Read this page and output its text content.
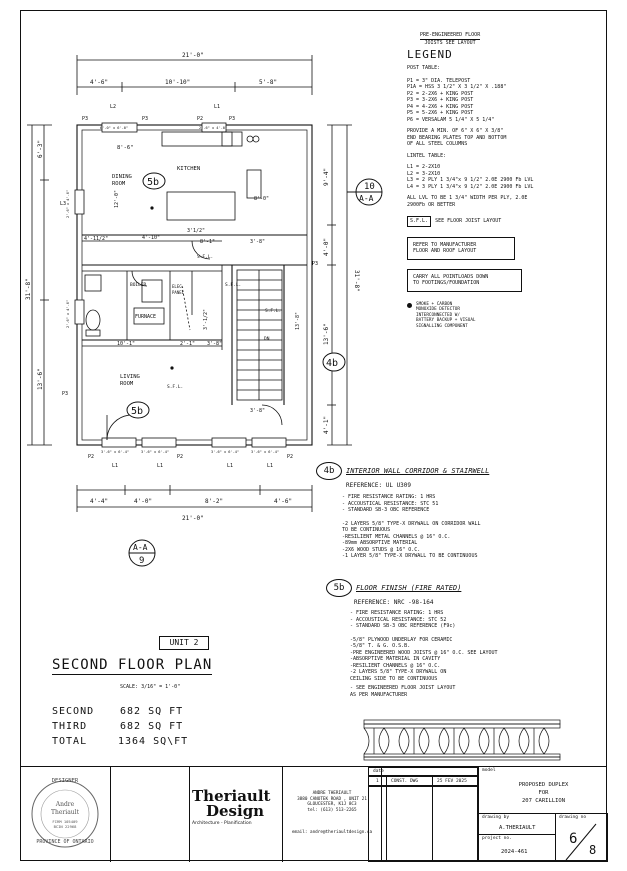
DINING
ROOM
KITCHEN
BOILER
FURNACE
ELEC.
PANEL
LIVING
ROOM
S.F.L.
S.F.L.
S.F.L.
S.F.L.
DN
21'-0"
4'-6"	10'-10"	5'-8"
4'-4"	4'-0"	8'-2"	4'-6"
21'-0"
31'-8"
6'-3"
13'-6"
31'-8"
9'-4"
4'-0"
13'-6"
4'-1"
8'-6"
4'-11/2"	4'-10"
3'1/2"
8'-1"	3'-8"
10'-1"	2'-1" 3'-8"
3'-8"
12'-0"
13'-8"
3'-1/2"
8'-0"
P3	P3	P2	P3
L2	L1
L3
P3
P2	P2	P2
L1	L1	L1	L1
P3
6'-0" x 6'-0"	2'-6" x 4'-0"
3'-6" x 6'-4"	3'-6" x 6'-4"	3'-6" x 6'-4"	3'-6" x 6'-4"
2'-6" x 4'-0"
2'-6" x 4'-0"
5b
5b
4b
10
A-A
A-A
9
PRE-ENGINEERED FLOOR
JOISTS SEE LAYOUT
LEGEND
POST TABLE:
P1 = 3" DIA. TELEPOST
P1A = HSS 3 1/2" X 3 1/2" X .188"
P2 = 2-2X6 + KING POST
P3 = 3-2X6 + KING POST
P4 = 4-2X6 + KING POST
P5 = 5-2X6 + KING POST
P6 = VERSALAM 5 1/4" X 5 1/4"
PROVIDE A MIN. OF 6" X 6" X 3/8"
END BEARING PLATES TOP AND BOTTOM
OF ALL STEEL COLUMNS
LINTEL TABLE:
L1 = 2-2X10
L2 = 3-2X10
L3 = 2 PLY 1 3/4"x 9 1/2" 2.0E 2900 Fb LVL
L4 = 3 PLY 1 3/4"x 9 1/2" 2.0E 2900 Fb LVL
ALL LVL TO BE 1 3/4" WIDTH PER PLY, 2.0E
2900Fb OR BETTER
S.F.L.	SEE FLOOR JOIST LAYOUT
REFER TO MANUFACTURER
FLOOR AND ROOF LAYOUT
CARRY ALL POINTLOADS DOWN
TO FOOTINGS/FOUNDATION
SMOKE + CARBON
MONOXIDE DETECTOR
INTERCONNECTED W/
BATTERY BACKUP + VISUAL
SIGNALLING COMPONENT
4b	INTERIOR WALL CORRIDOR & STAIRWELL
REFERENCE: UL U309
- FIRE RESISTANCE RATING: 1 HRS
- ACCOUSTICAL RESISTANCE: STC 51
- STANDARD SB-3 OBC REFERENCE
-2 LAYERS 5/8" TYPE-X DRYWALL ON CORRIDOR WALL
TO BE CONTINUOUS
-RESILIENT METAL CHANNELS @ 16" O.C.
-89mm ABSORPTIVE MATERIAL
-2X6 WOOD STUDS @ 16" O.C.
-1 LAYER 5/8" TYPE-X DRYWALL TO BE CONTINUOUS
5b	FLOOR FINISH (FIRE RATED)
REFERENCE: NRC -98-164
- FIRE RESISTANCE RATING: 1 HRS
- ACCOUSTICAL RESISTANCE: STC 52
- STANDARD SB-3 OBC REFERENCE (F9c)
-5/8" PLYWOOD UNDERLAY FOR CERAMIC
-5/8" T. & G. O.S.B.
-PRE ENGINEERED WOOD JOISTS @ 16" O.C. SEE LAYOUT
-ABSORPTIVE MATERIAL IN CAVITY
-RESILIENT CHANNELS @ 16" O.C.
-2 LAYERS 5/8" TYPE-X DRYWALL ON
CEILING SIDE TO BE CONTINUOUS
- SEE ENGINEERED FLOOR JOIST LAYOUT
AS PER MANUFACTURER
UNIT 2
SECOND FLOOR PLAN
SCALE: 3/16" = 1'-0"
SECOND	682 SQ FT
THIRD	682 SQ FT
TOTAL	1364 SQ\FT
DESIGNER
Andre
Theriault
FIRM 105409
BCIN 22968
PROVINCE OF ONTARIO
Theriault
Design
Architecture - Planification
ANDRE THERIAULT
3880 CANOTEK ROAD , UNIT 21
GLOUCESTER, K1J 8C3
tel: (613) 513-2265
email: andre@theriaultdesign.ca
date
1	CONST. DWG	25 FEV 2025
model
PROPOSED DUPLEX
FOR
207 CARILLION
drawing by
A.THERIAULT
project no.
2024-461
drawing no
6
8
